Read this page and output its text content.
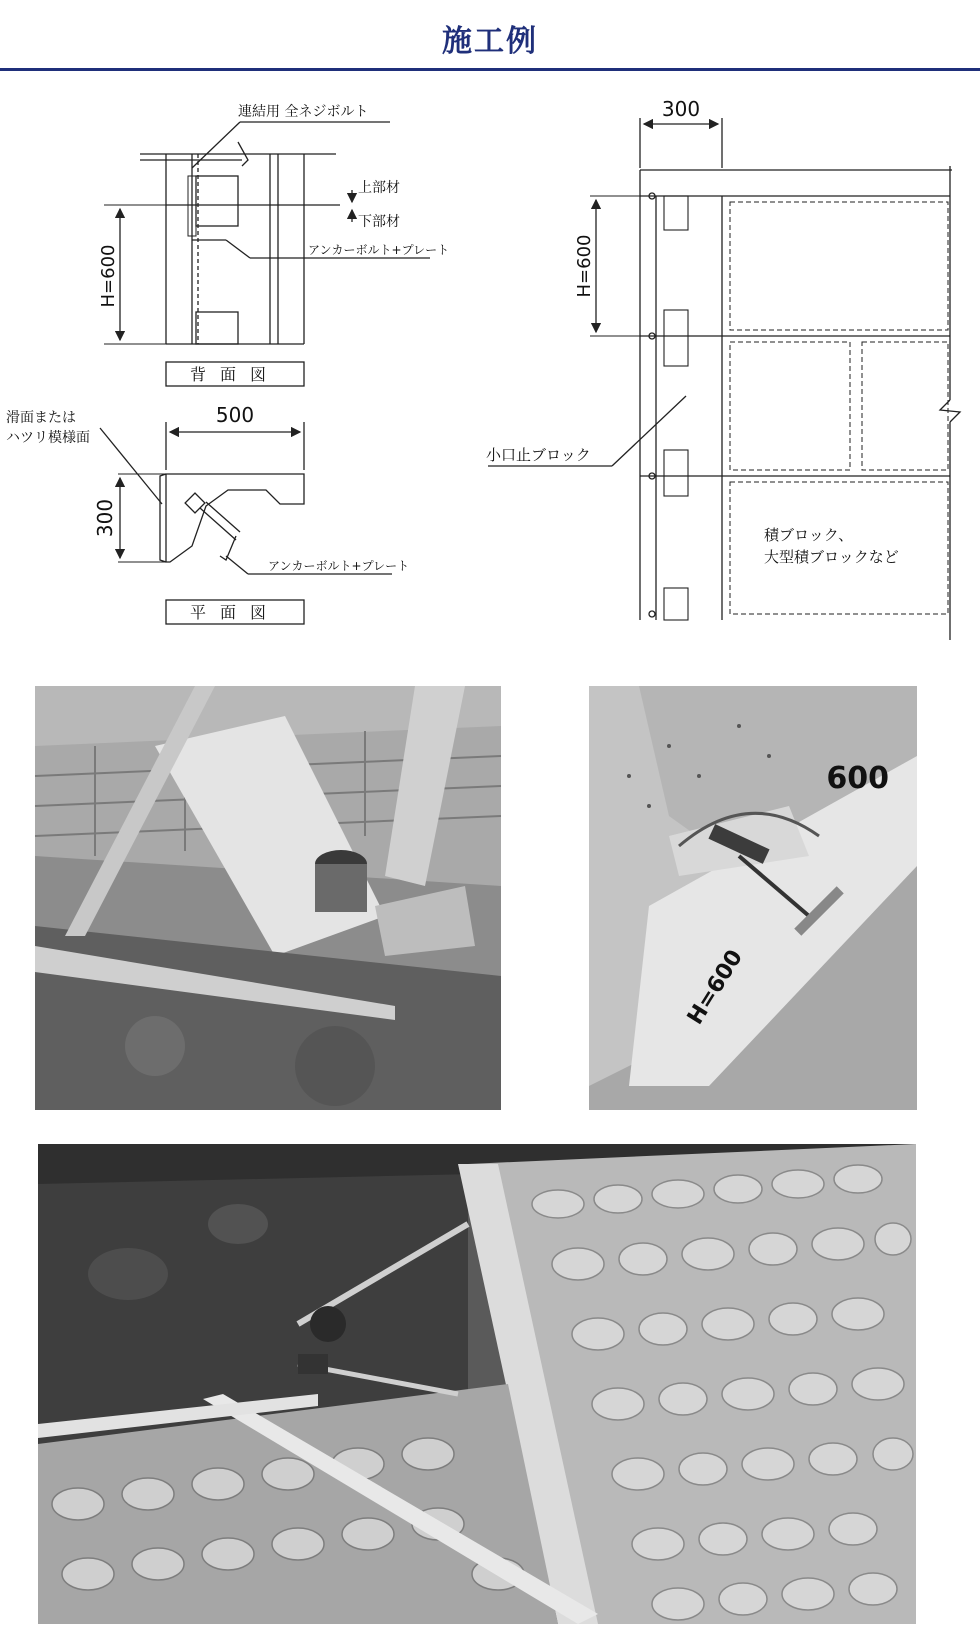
施工例
連結用 全ネジボルト
上部材
下部材
アンカーボルト+プレート
H=600
背面図
滑面または
ハツリ模様面
500
300
アンカーボルト+プレート
平面図
300
H=600
小口止ブロック
積ブロック、
大型積ブロックなど
H=600
009
